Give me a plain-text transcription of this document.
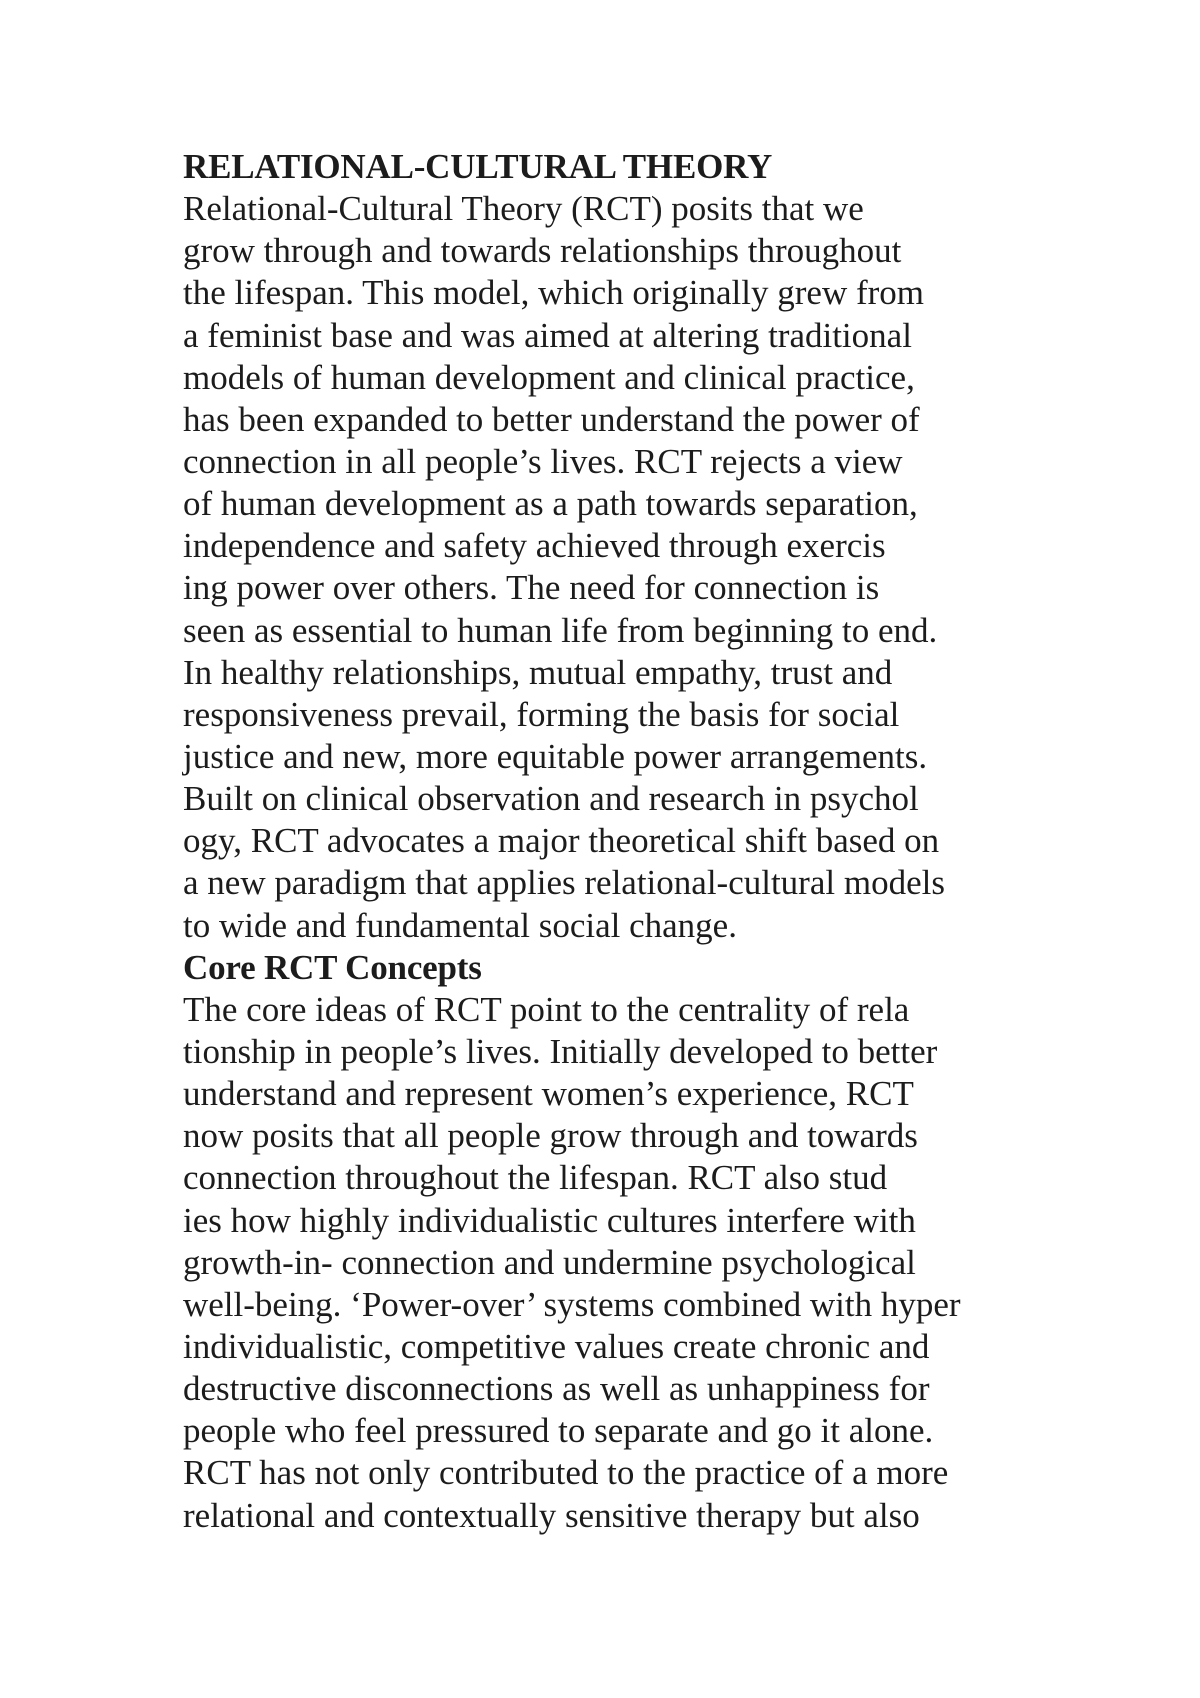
RELATIONAL-CULTURAL THEORY
Relational-Cultural Theory (RCT) posits that we
grow through and towards relationships throughout
the lifespan. This model, which originally grew from
a feminist base and was aimed at altering traditional
models of human development and clinical practice,
has been expanded to better understand the power of
connection in all people’s lives. RCT rejects a view
of human development as a path towards separation,
independence and safety achieved through exercis
ing power over others. The need for connection is
seen as essential to human life from beginning to end.
In healthy relationships, mutual empathy, trust and
responsiveness prevail, forming the basis for social
justice and new, more equitable power arrangements.
Built on clinical observation and research in psychol
ogy, RCT advocates a major theoretical shift based on
a new paradigm that applies relational-cultural models
to wide and fundamental social change.
Core RCT Concepts
The core ideas of RCT point to the centrality of rela
tionship in people’s lives. Initially developed to better
understand and represent women’s experience, RCT
now posits that all people grow through and towards
connection throughout the lifespan. RCT also stud
ies how highly individualistic cultures interfere with
growth-in- connection and undermine psychological
well-being. ‘Power-over’ systems combined with hyper
individualistic, competitive values create chronic and
destructive disconnections as well as unhappiness for
people who feel pressured to separate and go it alone.
RCT has not only contributed to the practice of a more
relational and contextually sensitive therapy but also
